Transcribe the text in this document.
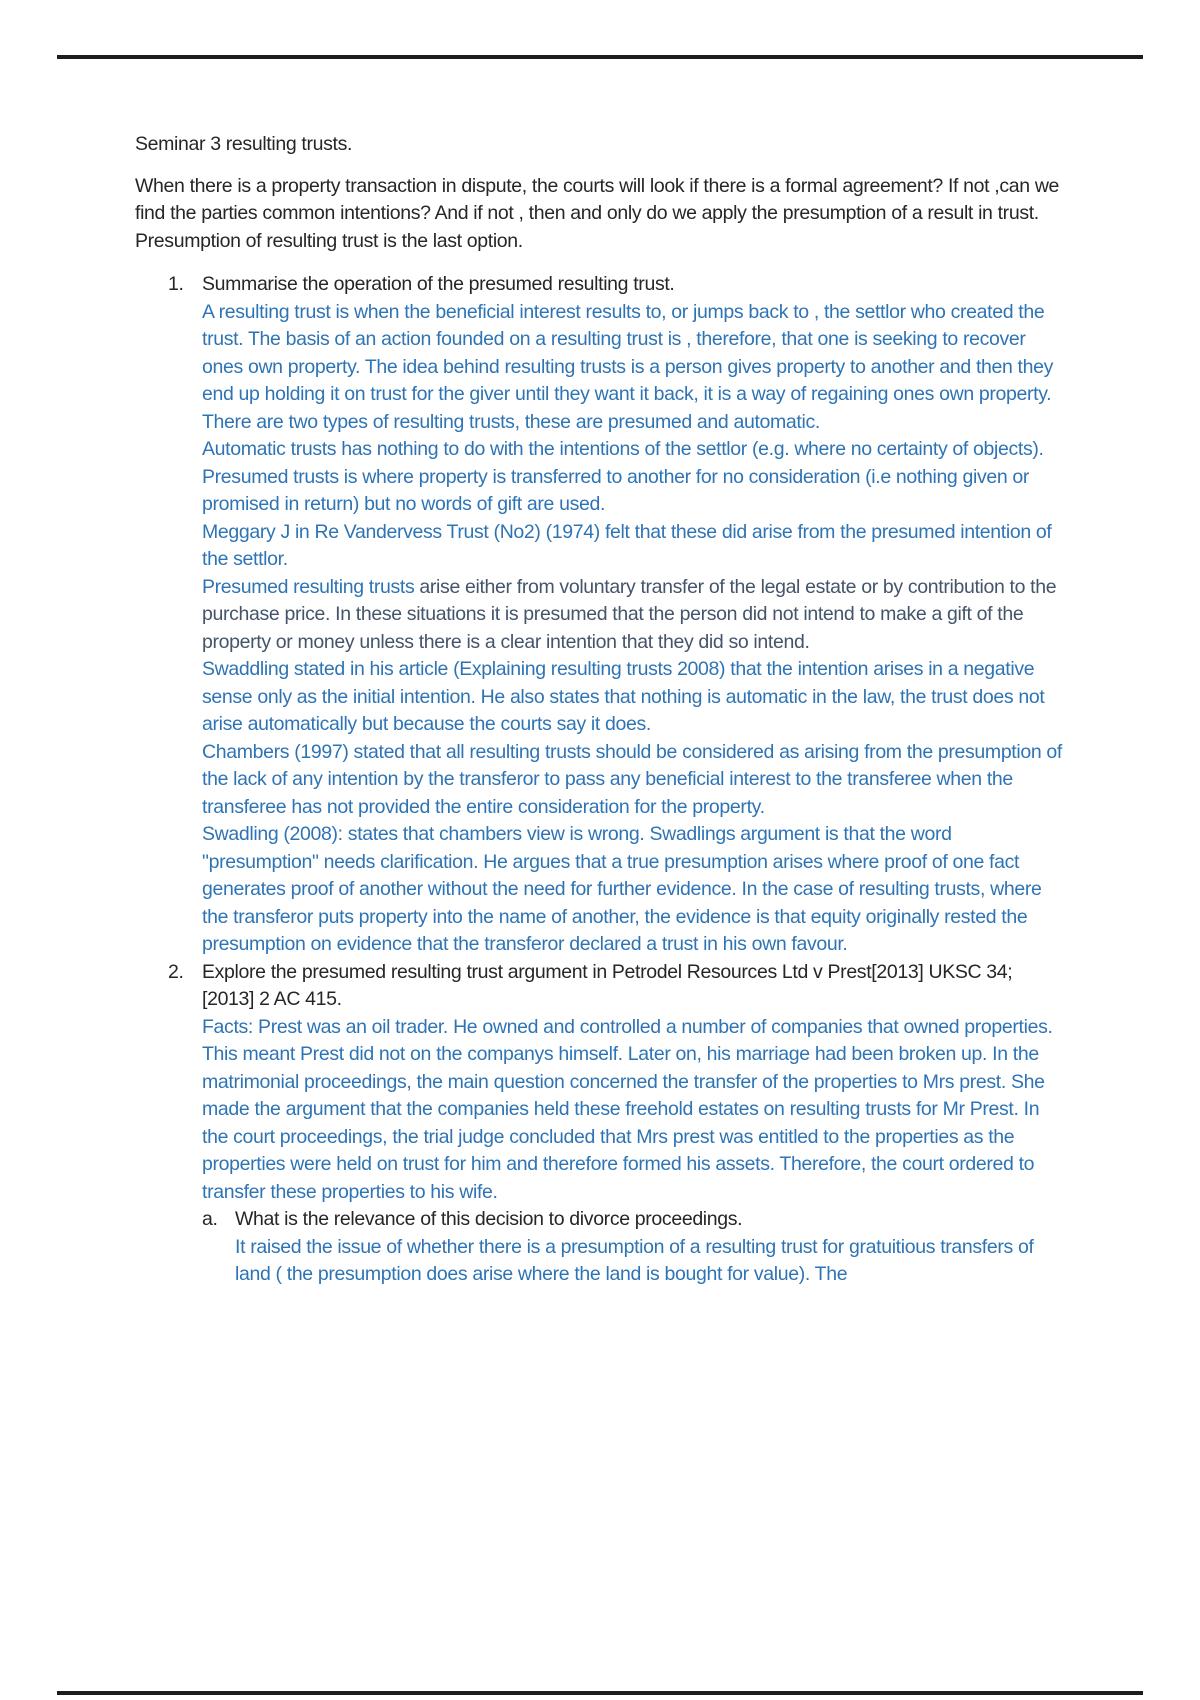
Seminar 3 resulting trusts.

When there is a property transaction in dispute, the courts will look if there is a formal agreement? If not ,can we find the parties common intentions? And if not , then and only do we apply the presumption of a result in trust. Presumption of resulting trust is the last option.

1. Summarise the operation of the presumed resulting trust.

A resulting trust is when the beneficial interest results to, or jumps back to , the settlor who created the trust. The basis of an action founded on a resulting trust is , therefore, that one is seeking to recover ones own property. The idea behind resulting trusts is a person gives property to another and then they end up holding it on trust for the giver until they want it back, it is a way of regaining ones own property.

There are two types of resulting trusts, these are presumed and automatic.

Automatic trusts has nothing to do with the intentions of the settlor (e.g. where no certainty of objects).

Presumed trusts is where property is transferred to another for no consideration (i.e nothing given or promised in return) but no words of gift are used.

Meggary J in Re Vandervess Trust (No2) (1974) felt that these did arise from the presumed intention of the settlor.

Presumed resulting trusts arise either from voluntary transfer of the legal estate or by contribution to the purchase price. In these situations it is presumed that the person did not intend to make a gift of the property or money unless there is a clear intention that they did so intend.

Swaddling stated in his article (Explaining resulting trusts 2008) that the intention arises in a negative sense only as the initial intention. He also states that nothing is automatic in the law, the trust does not arise automatically but because the courts say it does.

Chambers (1997) stated that all resulting trusts should be considered as arising from the presumption of the lack of any intention by the transferor to pass any beneficial interest to the transferee when the transferee has not provided the entire consideration for the property.

Swadling (2008): states that chambers view is wrong. Swadlings argument is that the word "presumption" needs clarification. He argues that a true presumption arises where proof of one fact generates proof of another without the need for further evidence. In the case of resulting trusts, where the transferor puts property into the name of another, the evidence is that equity originally rested the presumption on evidence that the transferor declared a trust in his own favour.

2. Explore the presumed resulting trust argument in Petrodel Resources Ltd v Prest[2013] UKSC 34; [2013] 2 AC 415.

Facts: Prest was an oil trader. He owned and controlled a number of companies that owned properties. This meant Prest did not on the companys himself. Later on, his marriage had been broken up. In the matrimonial proceedings, the main question concerned the transfer of the properties to Mrs prest. She made the argument that the companies held these freehold estates on resulting trusts for Mr Prest. In the court proceedings, the trial judge concluded that Mrs prest was entitled to the properties as the properties were held on trust for him and therefore formed his assets. Therefore, the court ordered to transfer these properties to his wife.

a. What is the relevance of this decision to divorce proceedings.

It raised the issue of whether there is a presumption of a resulting trust for gratuitious transfers of land ( the presumption does arise where the land is bought for value). The
